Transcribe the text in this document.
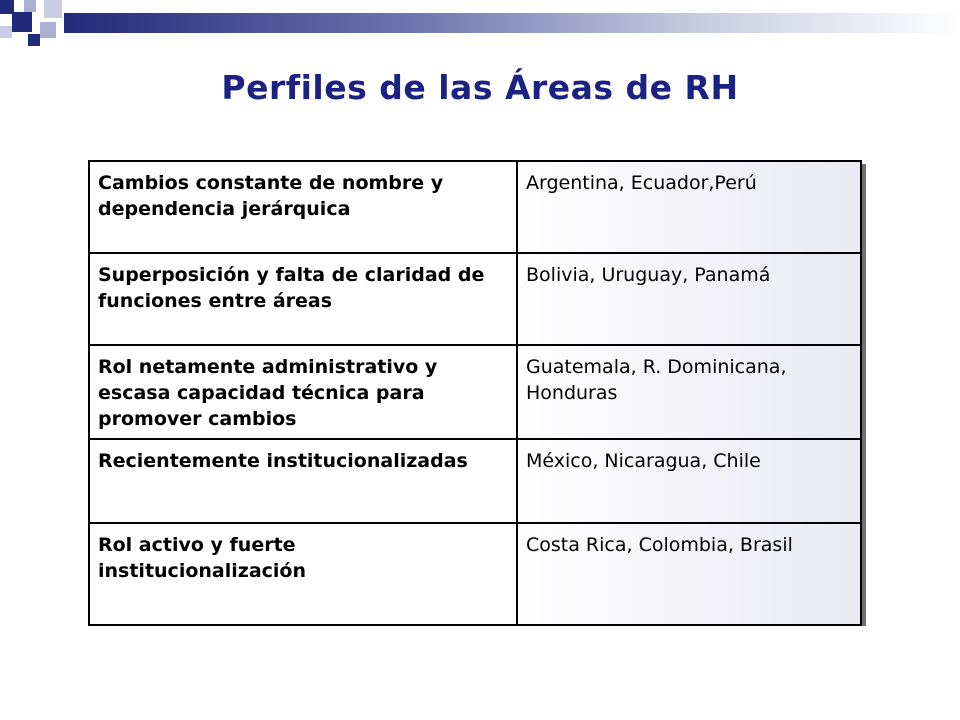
Perfiles de las Áreas de RH
Cambios constante de nombre y dependencia jerárquica	Argentina, Ecuador,Perú
Superposición y falta de claridad de funciones entre áreas	Bolivia, Uruguay, Panamá
Rol netamente administrativo y escasa capacidad técnica para promover cambios	Guatemala, R. Dominicana, Honduras
Recientemente institucionalizadas	México, Nicaragua, Chile
Rol activo y fuerte institucionalización	Costa Rica, Colombia, Brasil
